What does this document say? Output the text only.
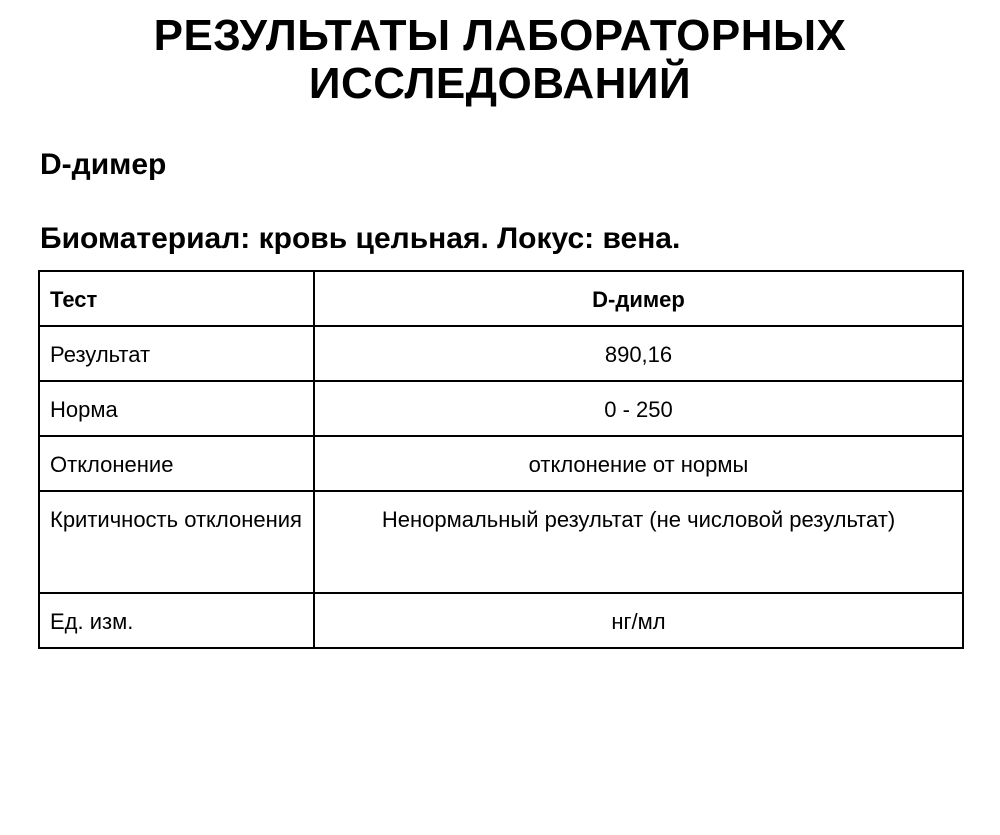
РЕЗУЛЬТАТЫ ЛАБОРАТОРНЫХ
ИССЛЕДОВАНИЙ
D-димер
Биоматериал: кровь цельная. Локус: вена.
Тест	D-димер
Результат	890,16
Норма	0 - 250
Отклонение	отклонение от нормы
Критичность отклонения	Ненормальный результат (не числовой результат)
Ед. изм.	нг/мл
